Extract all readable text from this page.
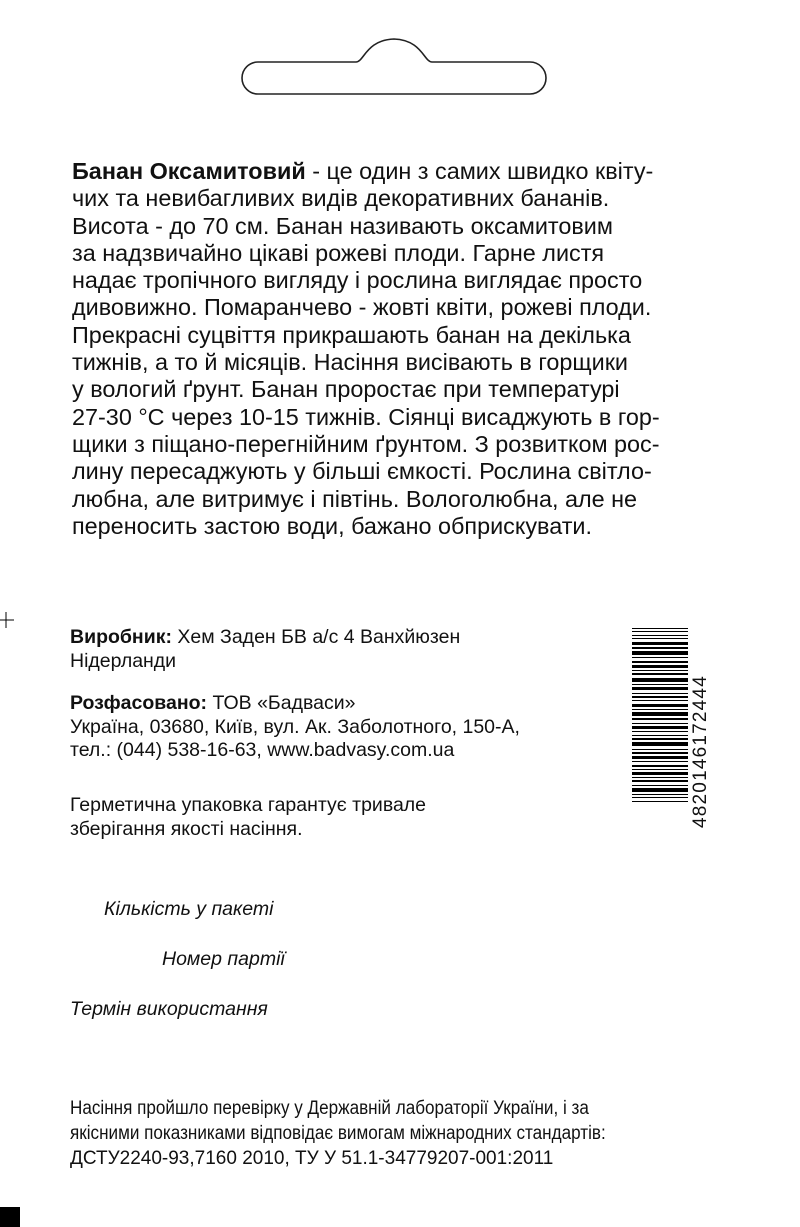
Банан Оксамитовий - це один з самих швидко квіту-
чих та невибагливих видів декоративних бананів.
Висота - до 70 см. Банан називають оксамитовим
за надзвичайно цікаві рожеві плоди. Гарне листя
надає тропічного вигляду і рослина виглядає просто
дивовижно. Помаранчево - жовті квіти, рожеві плоди.
Прекрасні суцвіття прикрашають банан на декілька
тижнів, а то й місяців. Насіння висівають в горщики
у вологий ґрунт. Банан проростає при температурі
27-30 °С через 10-15 тижнів. Сіянці висаджують в гор-
щики з піщано-перегнійним ґрунтом. З розвитком рос-
лину пересаджують у більші ємкості. Рослина світло-
любна, але витримує і півтінь. Вологолюбна, але не
переносить застою води, бажано обприскувати.
Виробник: Хем Заден БВ а/с 4 Ванхйюзен
Нідерланди
Розфасовано: ТОВ «Бадваси»
Україна, 03680, Київ, вул. Ак. Заболотного, 150-А,
тел.: (044) 538-16-63, www.badvasy.com.ua
Герметична упаковка гарантує тривале
зберігання якості насіння.	4820146172444
Кількість у пакеті
Номер партії
Термін використання
Насіння пройшло перевірку у Державній лабораторії України, і за
якісними показниками відповідає вимогам міжнародних стандартів:
ДСТУ2240-93,7160 2010, ТУ У 51.1-34779207-001:2011
